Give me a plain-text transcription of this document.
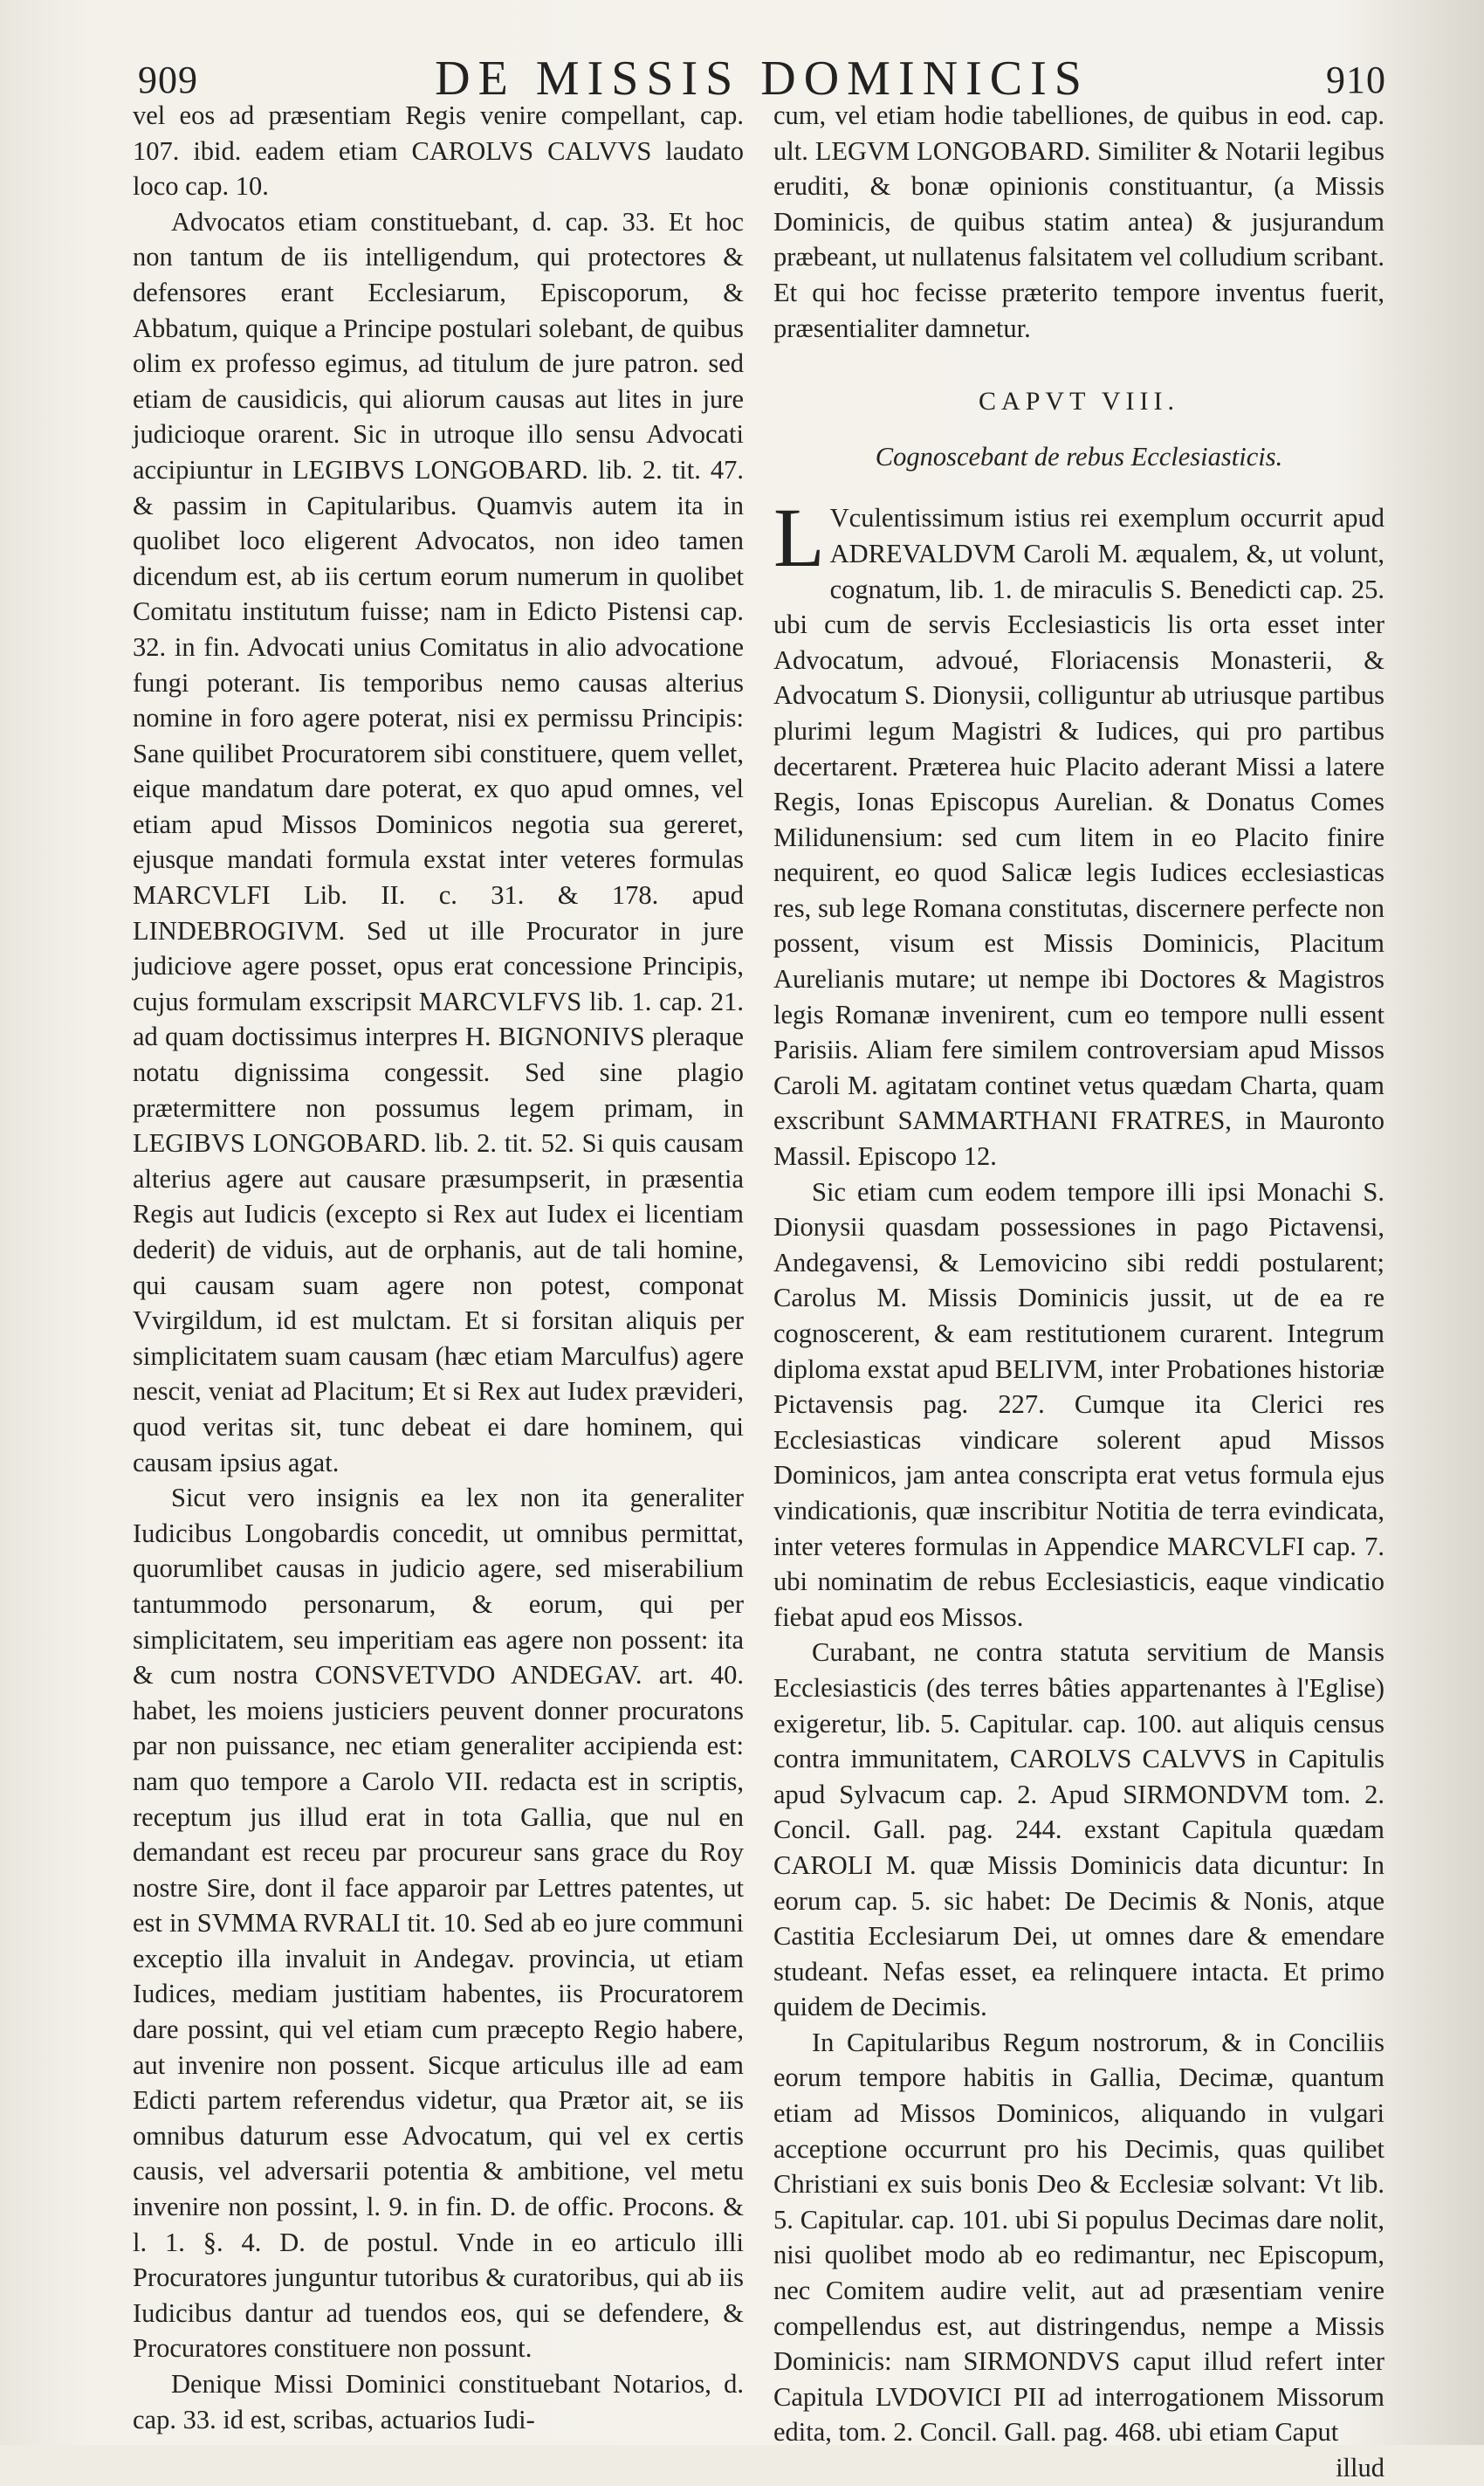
909	DE MISSIS DOMINICIS	910

vel eos ad præsentiam Regis venire compellant, cap. 107. ibid. eadem etiam CAROLVS CALVVS laudato loco cap. 10.

Advocatos etiam constituebant, d. cap. 33. Et hoc non tantum de iis intelligendum, qui protectores & defensores erant Ecclesiarum, Episcoporum, & Abbatum, quique a Principe postulari solebant, de quibus olim ex professo egimus, ad titulum de jure patron. sed etiam de causidicis, qui aliorum causas aut lites in jure judicioque orarent. Sic in utroque illo sensu Advocati accipiuntur in LEGIBVS LONGOBARD. lib. 2. tit. 47. & passim in Capitularibus. Quamvis autem ita in quolibet loco eligerent Advocatos, non ideo tamen dicendum est, ab iis certum eorum numerum in quolibet Comitatu institutum fuisse; nam in Edicto Pistensi cap. 32. in fin. Advocati unius Comitatus in alio advocatione fungi poterant. Iis temporibus nemo causas alterius nomine in foro agere poterat, nisi ex permissu Principis: Sane quilibet Procuratorem sibi constituere, quem vellet, eique mandatum dare poterat, ex quo apud omnes, vel etiam apud Missos Dominicos negotia sua gereret, ejusque mandati formula exstat inter veteres formulas MARCVLFI Lib. II. c. 31. & 178. apud LINDEBROGIVM. Sed ut ille Procurator in jure judiciove agere posset, opus erat concessione Principis, cujus formulam exscripsit MARCVLFVS lib. 1. cap. 21. ad quam doctissimus interpres H. BIGNONIVS pleraque notatu dignissima congessit. Sed sine plagio prætermittere non possumus legem primam, in LEGIBVS LONGOBARD. lib. 2. tit. 52. Si quis causam alterius agere aut causare præsumpserit, in præsentia Regis aut Iudicis (excepto si Rex aut Iudex ei licentiam dederit) de viduis, aut de orphanis, aut de tali homine, qui causam suam agere non potest, componat Vvirgildum, id est mulctam. Et si forsitan aliquis per simplicitatem suam causam (hæc etiam Marculfus) agere nescit, veniat ad Placitum; Et si Rex aut Iudex prævideri, quod veritas sit, tunc debeat ei dare hominem, qui causam ipsius agat.

Sicut vero insignis ea lex non ita generaliter Iudicibus Longobardis concedit, ut omnibus permittat, quorumlibet causas in judicio agere, sed miserabilium tantummodo personarum, & eorum, qui per simplicitatem, seu imperitiam eas agere non possent: ita & cum nostra CONSVETVDO ANDEGAV. art. 40. habet, les moiens justiciers peuvent donner procuratons par non puissance, nec etiam generaliter accipienda est: nam quo tempore a Carolo VII. redacta est in scriptis, receptum jus illud erat in tota Gallia, que nul en demandant est receu par procureur sans grace du Roy nostre Sire, dont il face apparoir par Lettres patentes, ut est in SVMMA RVRALI tit. 10. Sed ab eo jure communi exceptio illa invaluit in Andegav. provincia, ut etiam Iudices, mediam justitiam habentes, iis Procuratorem dare possint, qui vel etiam cum præcepto Regio habere, aut invenire non possent. Sicque articulus ille ad eam Edicti partem referendus videtur, qua Prætor ait, se iis omnibus daturum esse Advocatum, qui vel ex certis causis, vel adversarii potentia & ambitione, vel metu invenire non possint, l. 9. in fin. D. de offic. Procons. & l. 1. §. 4. D. de postul. Vnde in eo articulo illi Procuratores junguntur tutoribus & curatoribus, qui ab iis Iudicibus dantur ad tuendos eos, qui se defendere, & Procuratores constituere non possunt.

Denique Missi Dominici constituebant Notarios, d. cap. 33. id est, scribas, actuarios Iudi-

cum, vel etiam hodie tabelliones, de quibus in eod. cap. ult. LEGVM LONGOBARD. Similiter & Notarii legibus eruditi, & bonæ opinionis constituantur, (a Missis Dominicis, de quibus statim antea) & jusjurandum præbeant, ut nullatenus falsitatem vel colludium scribant. Et qui hoc fecisse præterito tempore inventus fuerit, præsentialiter damnetur.

CAPVT VIII.

Cognoscebant de rebus Ecclesiasticis.

LVculentissimum istius rei exemplum occurrit apud ADREVALDVM Caroli M. æqualem, &, ut volunt, cognatum, lib. 1. de miraculis S. Benedicti cap. 25. ubi cum de servis Ecclesiasticis lis orta esset inter Advocatum, advoué, Floriacensis Monasterii, & Advocatum S. Dionysii, colliguntur ab utriusque partibus plurimi legum Magistri & Iudices, qui pro partibus decertarent. Præterea huic Placito aderant Missi a latere Regis, Ionas Episcopus Aurelian. & Donatus Comes Milidunensium: sed cum litem in eo Placito finire nequirent, eo quod Salicæ legis Iudices ecclesiasticas res, sub lege Romana constitutas, discernere perfecte non possent, visum est Missis Dominicis, Placitum Aurelianis mutare; ut nempe ibi Doctores & Magistros legis Romanæ invenirent, cum eo tempore nulli essent Parisiis. Aliam fere similem controversiam apud Missos Caroli M. agitatam continet vetus quædam Charta, quam exscribunt SAMMARTHANI FRATRES, in Mauronto Massil. Episcopo 12.

Sic etiam cum eodem tempore illi ipsi Monachi S. Dionysii quasdam possessiones in pago Pictavensi, Andegavensi, & Lemovicino sibi reddi postularent; Carolus M. Missis Dominicis jussit, ut de ea re cognoscerent, & eam restitutionem curarent. Integrum diploma exstat apud BELIVM, inter Probationes historiæ Pictavensis pag. 227. Cumque ita Clerici res Ecclesiasticas vindicare solerent apud Missos Dominicos, jam antea conscripta erat vetus formula ejus vindicationis, quæ inscribitur Notitia de terra evindicata, inter veteres formulas in Appendice MARCVLFI cap. 7. ubi nominatim de rebus Ecclesiasticis, eaque vindicatio fiebat apud eos Missos.

Curabant, ne contra statuta servitium de Mansis Ecclesiasticis (des terres bâties appartenantes à l'Eglise) exigeretur, lib. 5. Capitular. cap. 100. aut aliquis census contra immunitatem, CAROLVS CALVVS in Capitulis apud Sylvacum cap. 2. Apud SIRMONDVM tom. 2. Concil. Gall. pag. 244. exstant Capitula quædam CAROLI M. quæ Missis Dominicis data dicuntur: In eorum cap. 5. sic habet: De Decimis & Nonis, atque Castitia Ecclesiarum Dei, ut omnes dare & emendare studeant. Nefas esset, ea relinquere intacta. Et primo quidem de Decimis.

In Capitularibus Regum nostrorum, & in Conciliis eorum tempore habitis in Gallia, Decimæ, quantum etiam ad Missos Dominicos, aliquando in vulgari acceptione occurrunt pro his Decimis, quas quilibet Christiani ex suis bonis Deo & Ecclesiæ solvant: Vt lib. 5. Capitular. cap. 101. ubi Si populus Decimas dare nolit, nisi quolibet modo ab eo redimantur, nec Episcopum, nec Comitem audire velit, aut ad præsentiam venire compellendus est, aut distringendus, nempe a Missis Dominicis: nam SIRMONDVS caput illud refert inter Capitula LVDOVICI PII ad interrogationem Missorum edita, tom. 2. Concil. Gall. pag. 468. ubi etiam Caput

illud
